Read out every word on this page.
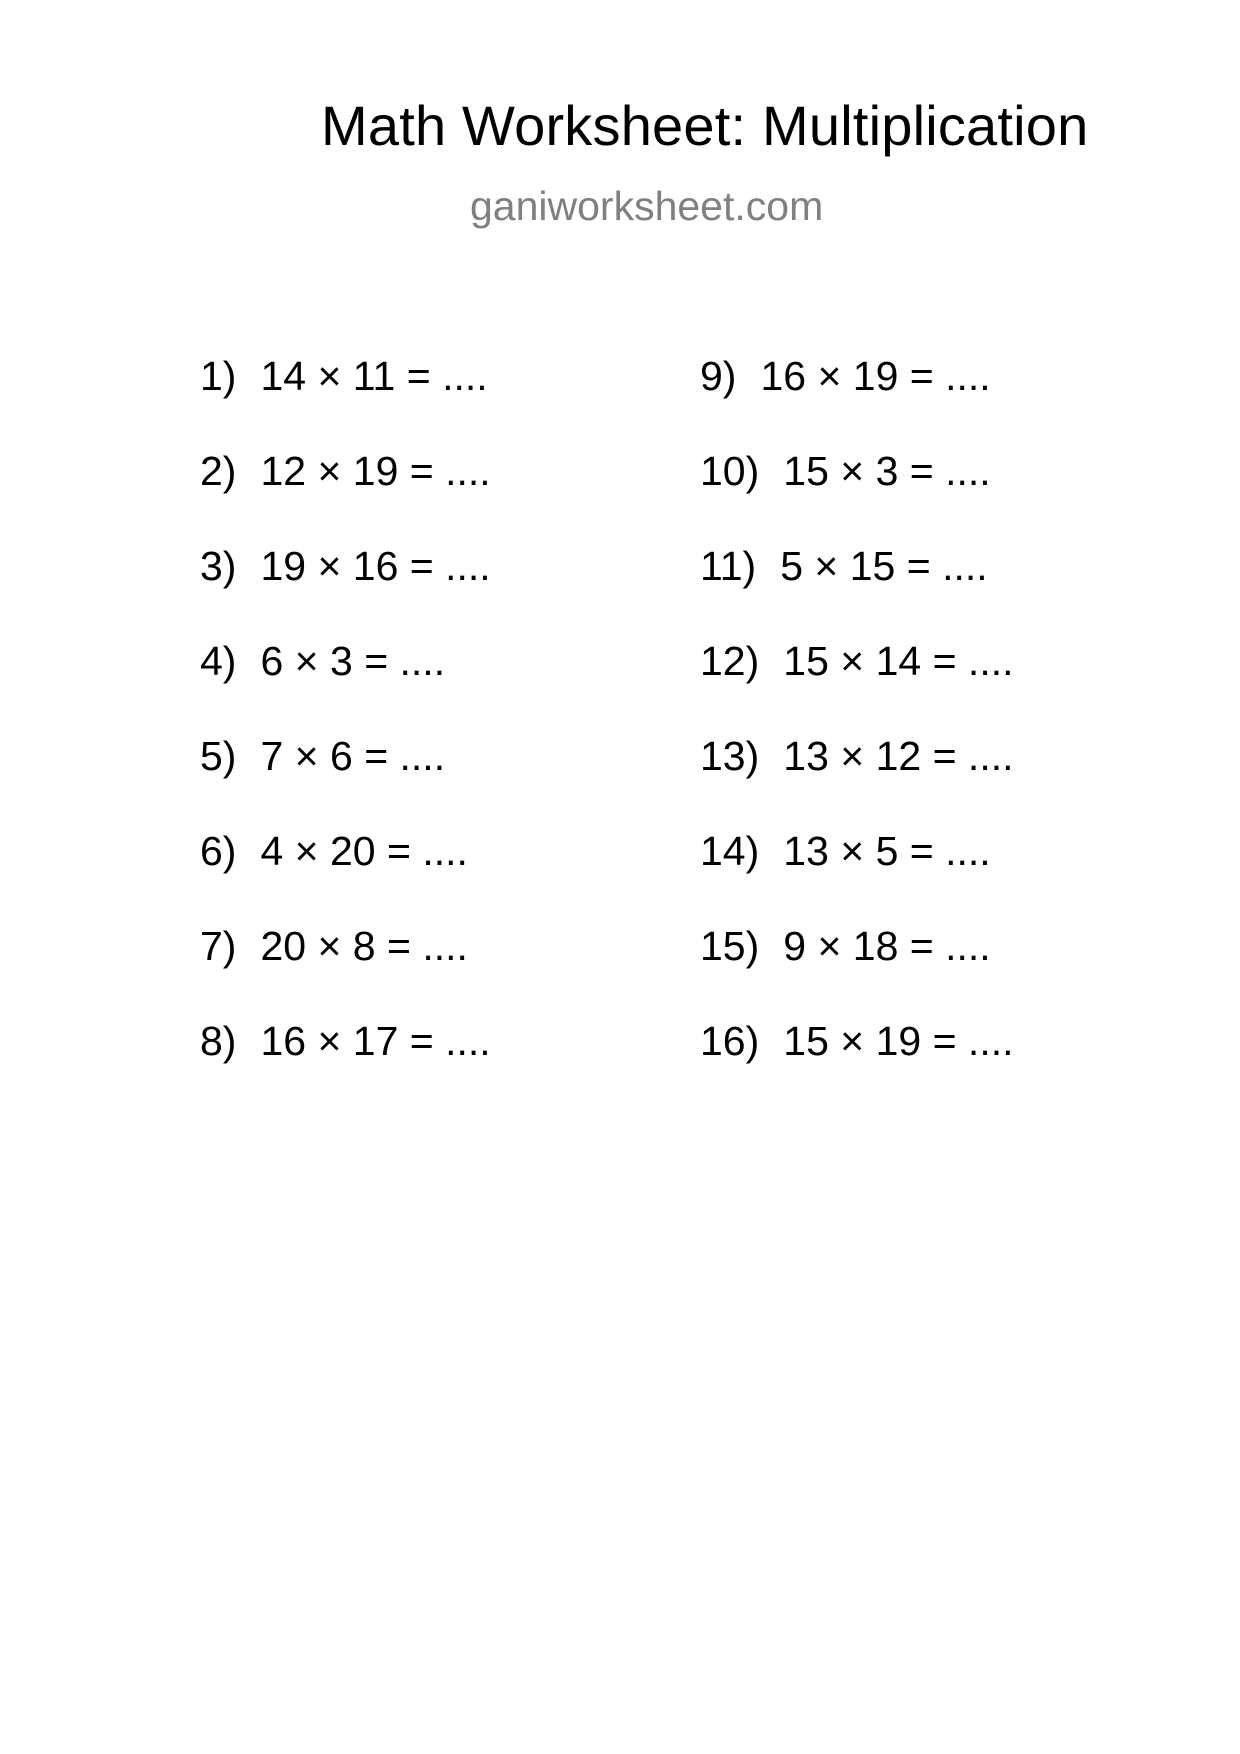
Math Worksheet: Multiplication
ganiworksheet.com
1) 14 × 11 = ....
2) 12 × 19 = ....
3) 19 × 16 = ....
4) 6 × 3 = ....
5) 7 × 6 = ....
6) 4 × 20 = ....
7) 20 × 8 = ....
8) 16 × 17 = ....
9) 16 × 19 = ....
10) 15 × 3 = ....
11) 5 × 15 = ....
12) 15 × 14 = ....
13) 13 × 12 = ....
14) 13 × 5 = ....
15) 9 × 18 = ....
16) 15 × 19 = ....
